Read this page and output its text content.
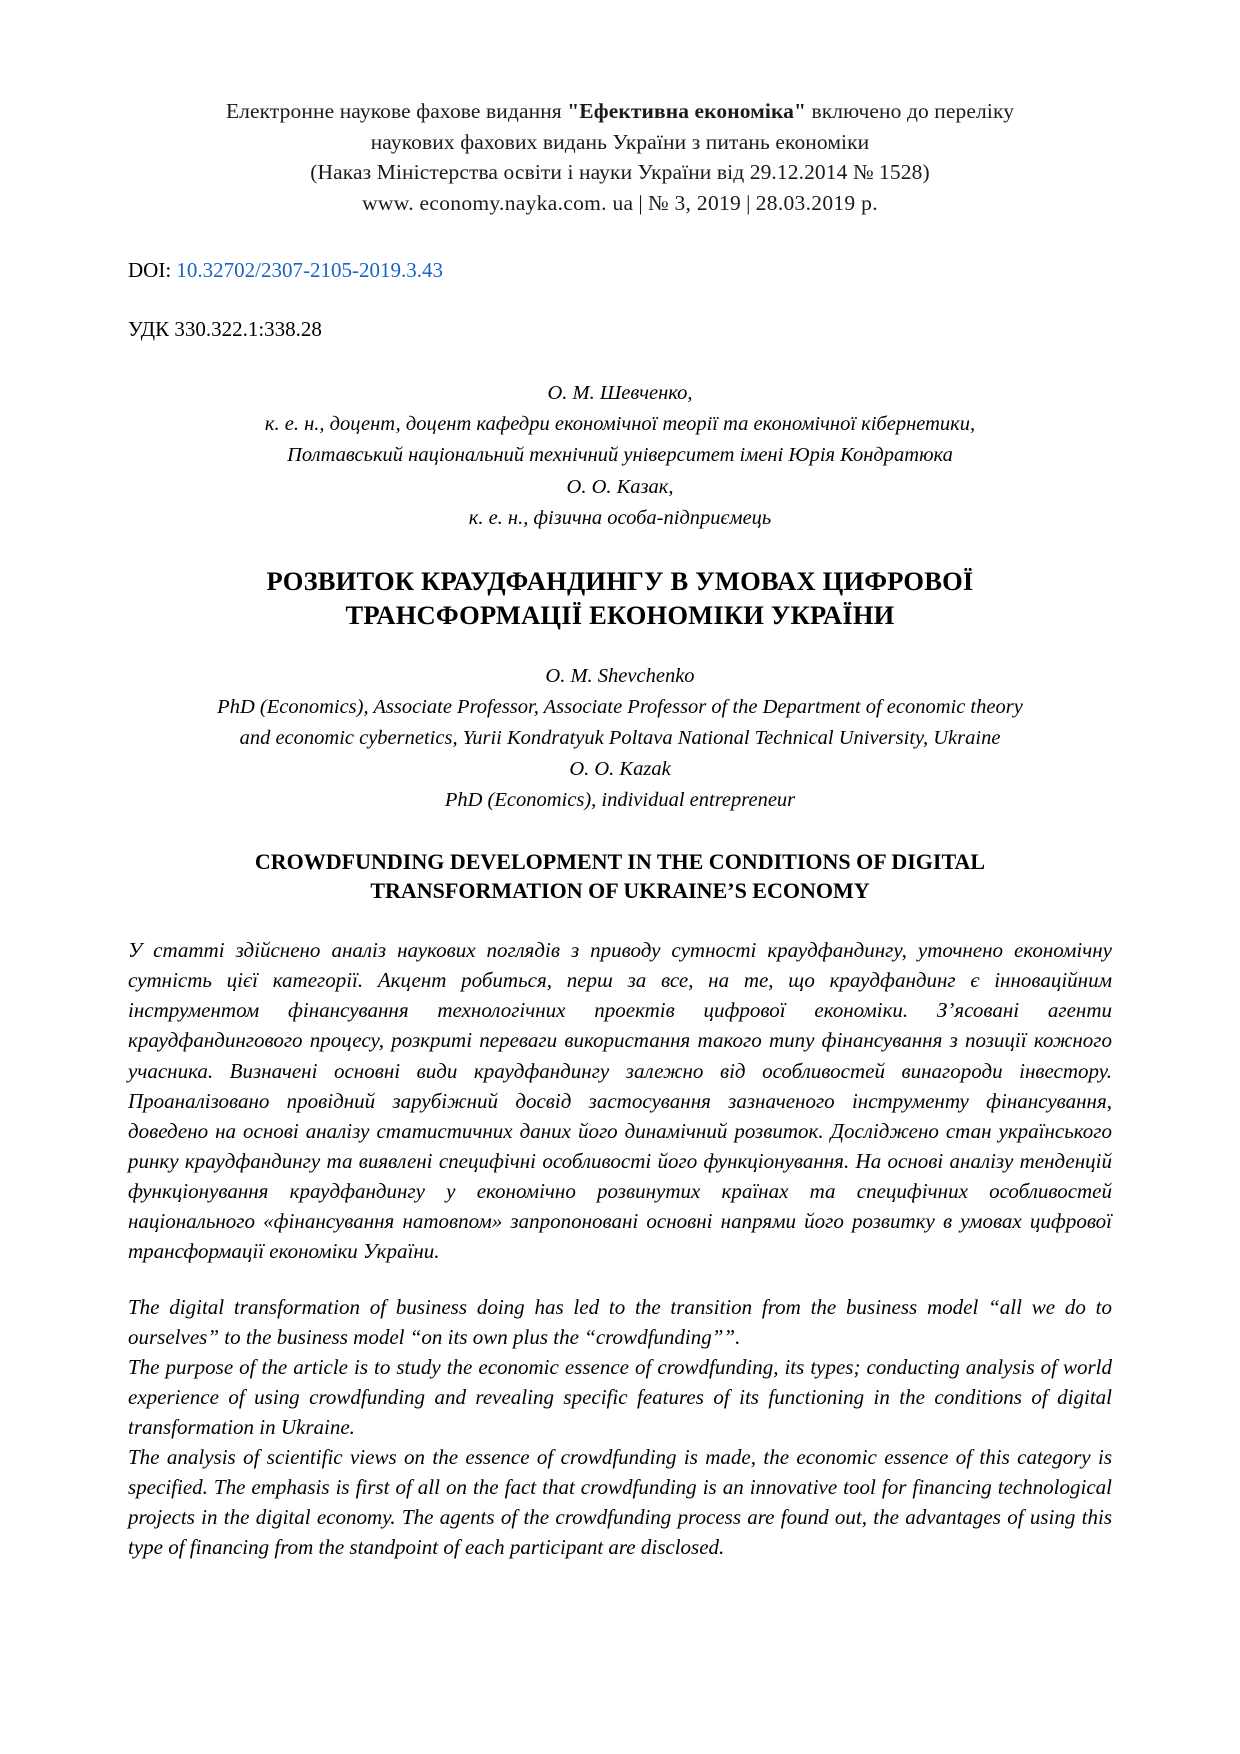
Електронне наукове фахове видання "Ефективна економіка" включено до переліку
наукових фахових видань України з питань економіки
(Наказ Міністерства освіти і науки України від 29.12.2014 № 1528)
www. economy.nayka.com. ua | № 3, 2019 | 28.03.2019 р.
DOI: 10.32702/2307-2105-2019.3.43
УДК 330.322.1:338.28
О. М. Шевченко,
к. е. н., доцент, доцент кафедри економічної теорії та економічної кібернетики,
Полтавський національний технічний університет імені Юрія Кондратюка
О. О. Казак,
к. е. н., фізична особа-підприємець
РОЗВИТОК КРАУДФАНДИНГУ В УМОВАХ ЦИФРОВОЇ
ТРАНСФОРМАЦІЇ ЕКОНОМІКИ УКРАЇНИ
O. M. Shevchenko
PhD (Economics), Associate Professor, Associate Professor of the Department of economic theory
and economic cybernetics, Yurii Kondratyuk Poltava National Technical University, Ukraine
O. O. Kazak
PhD (Economics), individual entrepreneur
CROWDFUNDING DEVELOPMENT IN THE CONDITIONS OF DIGITAL
TRANSFORMATION OF UKRAINE’S ECONOMY

У статті здійснено аналіз наукових поглядів з приводу сутності краудфандингу, уточнено економічну сутність цієї категорії. Акцент робиться, перш за все, на те, що краудфандинг є інноваційним інструментом фінансування технологічних проектів цифрової економіки. З’ясовані агенти краудфандингового процесу, розкриті переваги використання такого типу фінансування з позиції кожного учасника. Визначені основні види краудфандингу залежно від особливостей винагороди інвестору. Проаналізовано провідний зарубіжний досвід застосування зазначеного інструменту фінансування, доведено на основі аналізу статистичних даних його динамічний розвиток. Досліджено стан українського ринку краудфандингу та виявлені специфічні особливості його функціонування. На основі аналізу тенденцій функціонування краудфандингу у економічно розвинутих країнах та специфічних особливостей національного «фінансування натовпом» запропоновані основні напрями його розвитку в умовах цифрової трансформації економіки України.

The digital transformation of business doing has led to the transition from the business model “all we do to ourselves” to the business model “on its own plus the “crowdfunding””.

The purpose of the article is to study the economic essence of crowdfunding, its types; conducting analysis of world experience of using crowdfunding and revealing specific features of its functioning in the conditions of digital transformation in Ukraine.

The analysis of scientific views on the essence of crowdfunding is made, the economic essence of this category is specified. The emphasis is first of all on the fact that crowdfunding is an innovative tool for financing technological projects in the digital economy. The agents of the crowdfunding process are found out, the advantages of using this type of financing from the standpoint of each participant are disclosed.
